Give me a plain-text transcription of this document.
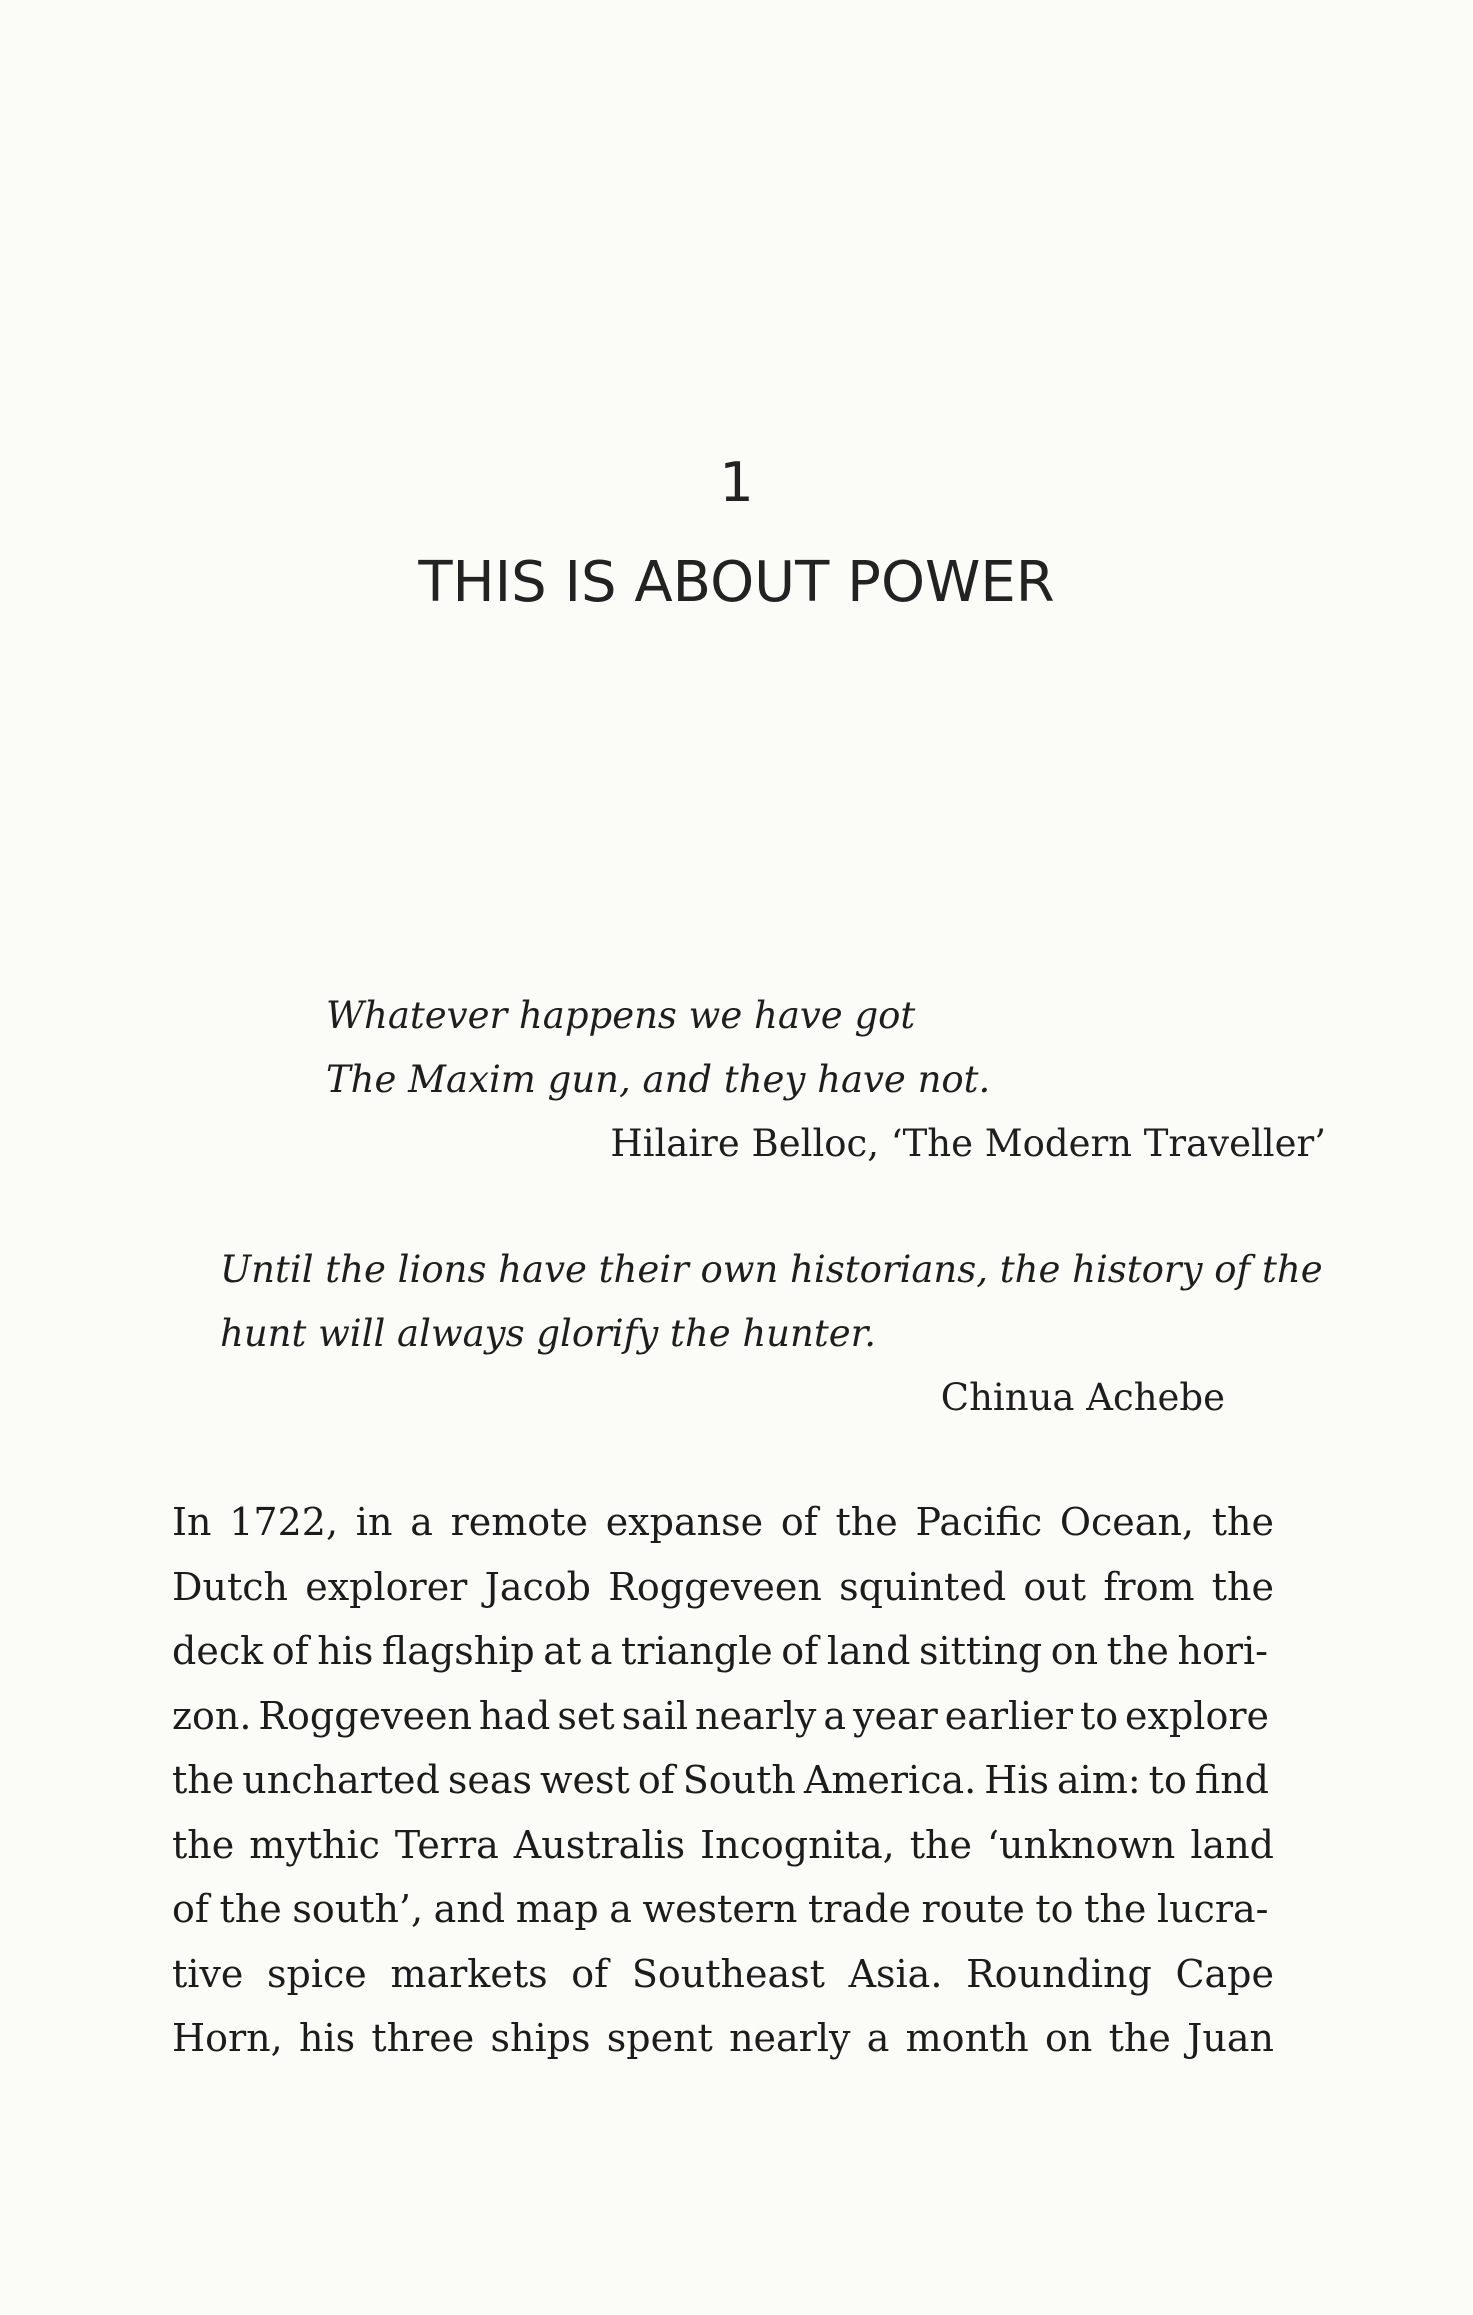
1
THIS IS ABOUT POWER
Whatever happens we have got
The Maxim gun, and they have not.
Hilaire Belloc, ‘The Modern Traveller’
Until the lions have their own historians, the history of the
hunt will always glorify the hunter.
Chinua Achebe
In 1722, in a remote expanse of the Pacific Ocean, the
Dutch explorer Jacob Roggeveen squinted out from the
deck of his flagship at a triangle of land sitting on the hori-
zon. Roggeveen had set sail nearly a year earlier to explore
the uncharted seas west of South America. His aim: to find
the mythic Terra Australis Incognita, the ‘unknown land
of the south’, and map a western trade route to the lucra-
tive spice markets of Southeast Asia. Rounding Cape
Horn, his three ships spent nearly a month on the Juan
